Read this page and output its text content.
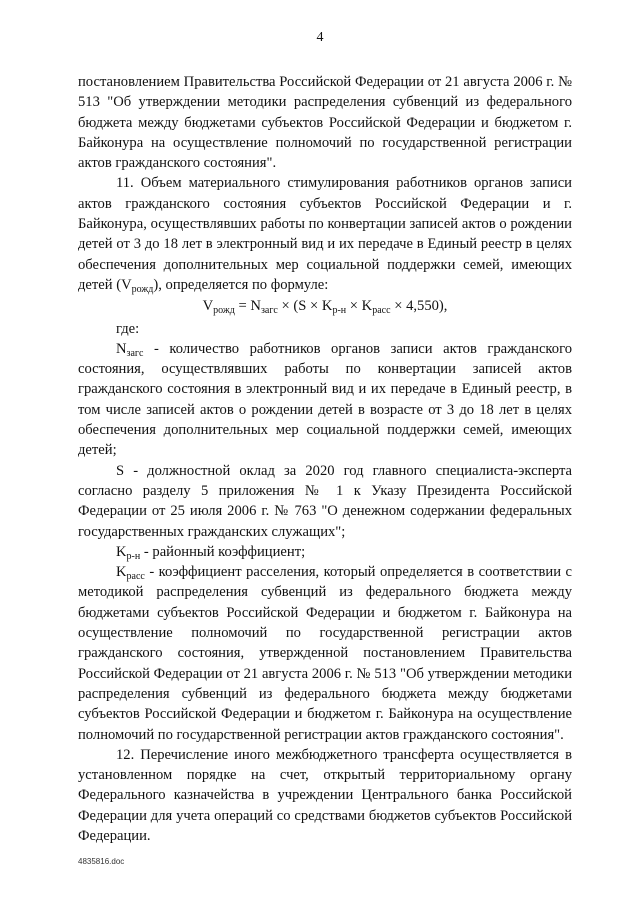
4

постановлением Правительства Российской Федерации от 21 августа 2006 г. № 513 "Об утверждении методики распределения субвенций из федерального бюджета между бюджетами субъектов Российской Федерации и бюджетом г. Байконура на осуществление полномочий по государственной регистрации актов гражданского состояния".

11. Объем материального стимулирования работников органов записи актов гражданского состояния субъектов Российской Федерации и г. Байконура, осуществлявших работы по конвертации записей актов о рождении детей от 3 до 18 лет в электронный вид и их передаче в Единый реестр в целях обеспечения дополнительных мер социальной поддержки семей, имеющих детей $(V_{рожд})$, определяется по формуле:

$V_{рожд} = N_{загс} \times (S \times K_{р-н} \times K_{расс} \times 4,550)$,

где:

$N_{загс}$ - количество работников органов записи актов гражданского состояния, осуществлявших работы по конвертации записей актов гражданского состояния в электронный вид и их передаче в Единый реестр, в том числе записей актов о рождении детей в возрасте от 3 до 18 лет в целях обеспечения дополнительных мер социальной поддержки семей, имеющих детей;

S - должностной оклад за 2020 год главного специалиста-эксперта согласно разделу 5 приложения № 1 к Указу Президента Российской Федерации от 25 июля 2006 г. № 763 "О денежном содержании федеральных государственных гражданских служащих";

$K_{р-н}$ - районный коэффициент;

$K_{расс}$ - коэффициент расселения, который определяется в соответствии с методикой распределения субвенций из федерального бюджета между бюджетами субъектов Российской Федерации и бюджетом г. Байконура на осуществление полномочий по государственной регистрации актов гражданского состояния, утвержденной постановлением Правительства Российской Федерации от 21 августа 2006 г. № 513 "Об утверждении методики распределения субвенций из федерального бюджета между бюджетами субъектов Российской Федерации и бюджетом г. Байконура на осуществление полномочий по государственной регистрации актов гражданского состояния".

12. Перечисление иного межбюджетного трансферта осуществляется в установленном порядке на счет, открытый территориальному органу Федерального казначейства в учреждении Центрального банка Российской Федерации для учета операций со средствами бюджетов субъектов Российской Федерации.

4835816.doc
